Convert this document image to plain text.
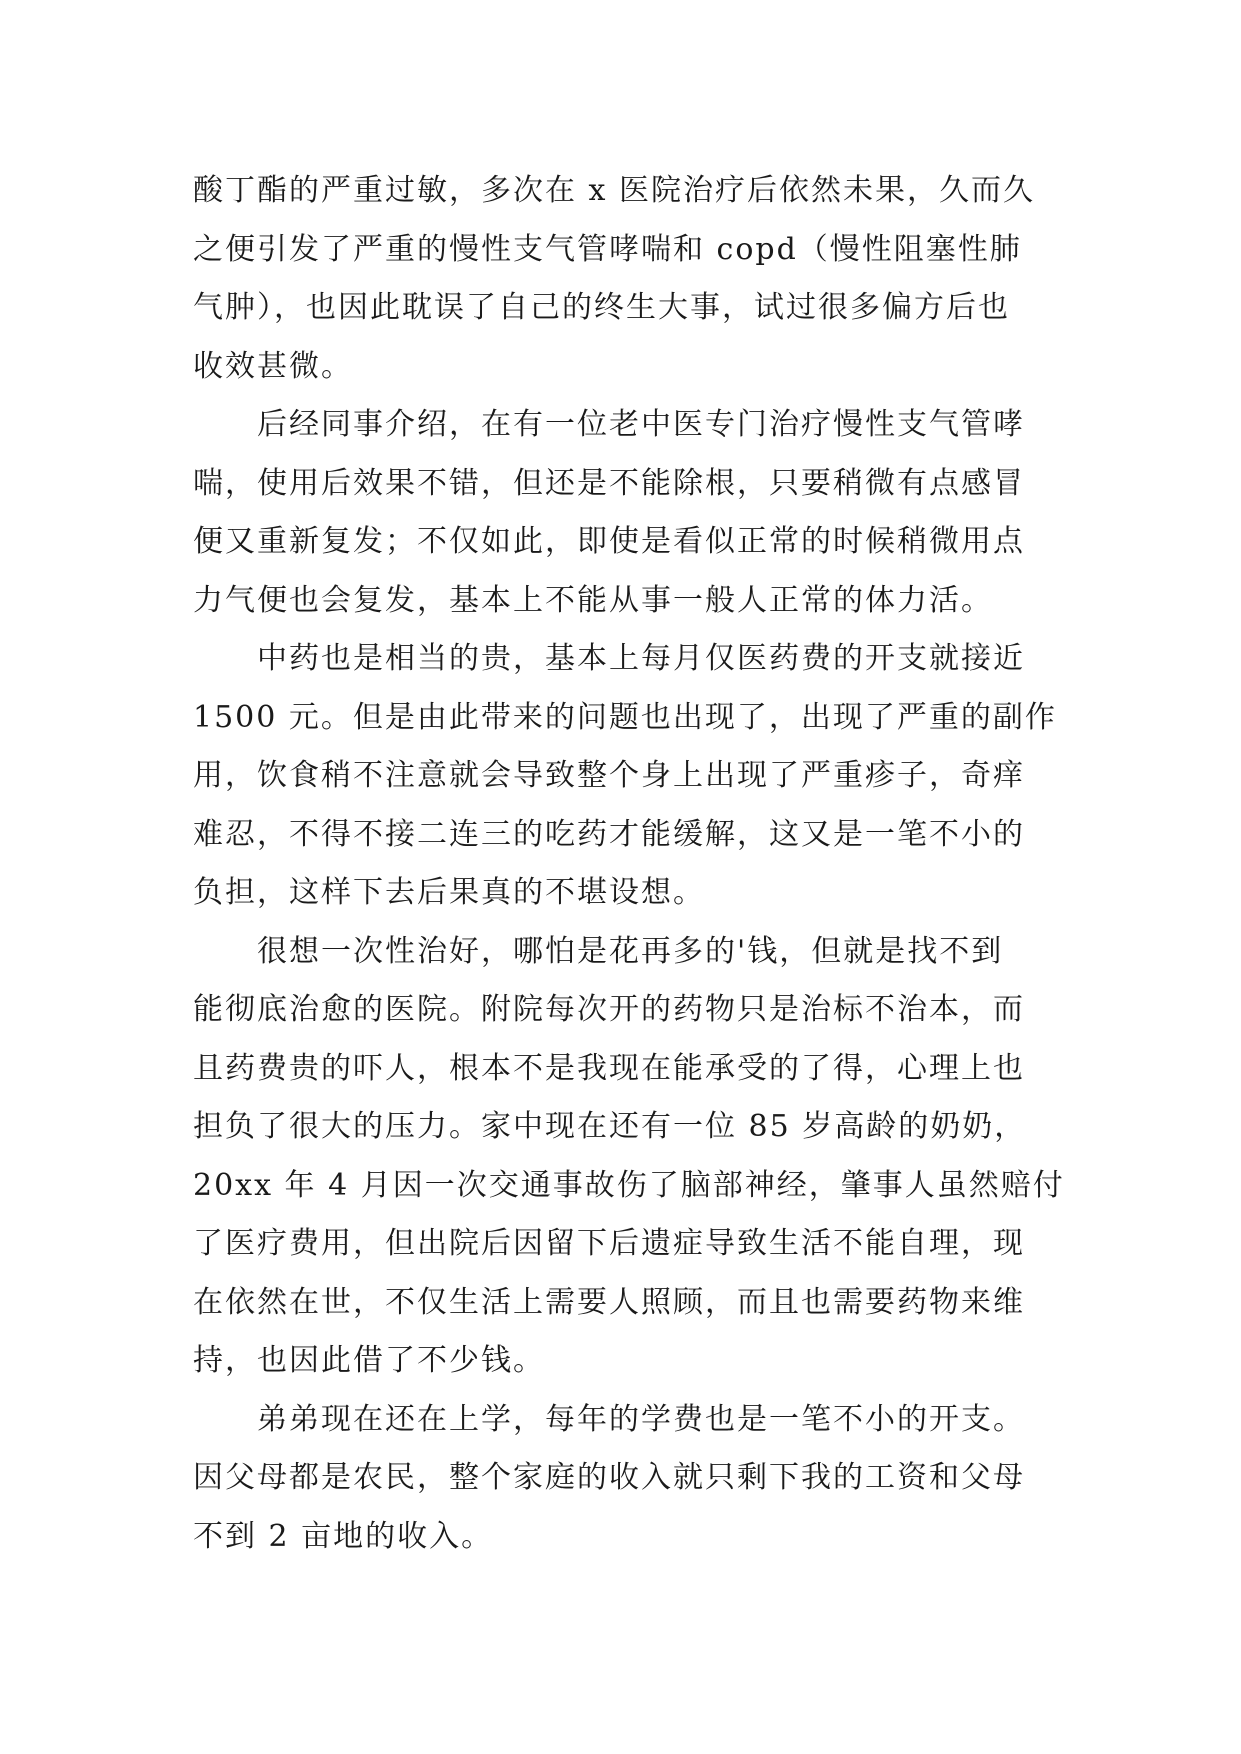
酸丁酯的严重过敏，多次在 x 医院治疗后依然未果，久而久
之便引发了严重的慢性支气管哮喘和 copd（慢性阻塞性肺
气肿），也因此耽误了自己的终生大事，试过很多偏方后也
收效甚微。

　　后经同事介绍，在有一位老中医专门治疗慢性支气管哮
喘，使用后效果不错，但还是不能除根，只要稍微有点感冒
便又重新复发；不仅如此，即使是看似正常的时候稍微用点
力气便也会复发，基本上不能从事一般人正常的体力活。

　　中药也是相当的贵，基本上每月仅医药费的开支就接近
1500 元。但是由此带来的问题也出现了，出现了严重的副作
用，饮食稍不注意就会导致整个身上出现了严重疹子，奇痒
难忍，不得不接二连三的吃药才能缓解，这又是一笔不小的
负担，这样下去后果真的不堪设想。

　　很想一次性治好，哪怕是花再多的'钱，但就是找不到
能彻底治愈的医院。附院每次开的药物只是治标不治本，而
且药费贵的吓人，根本不是我现在能承受的了得，心理上也
担负了很大的压力。家中现在还有一位 85 岁高龄的奶奶，
20xx 年 4 月因一次交通事故伤了脑部神经，肇事人虽然赔付
了医疗费用，但出院后因留下后遗症导致生活不能自理，现
在依然在世，不仅生活上需要人照顾，而且也需要药物来维
持，也因此借了不少钱。

　　弟弟现在还在上学，每年的学费也是一笔不小的开支。
因父母都是农民，整个家庭的收入就只剩下我的工资和父母
不到 2 亩地的收入。
